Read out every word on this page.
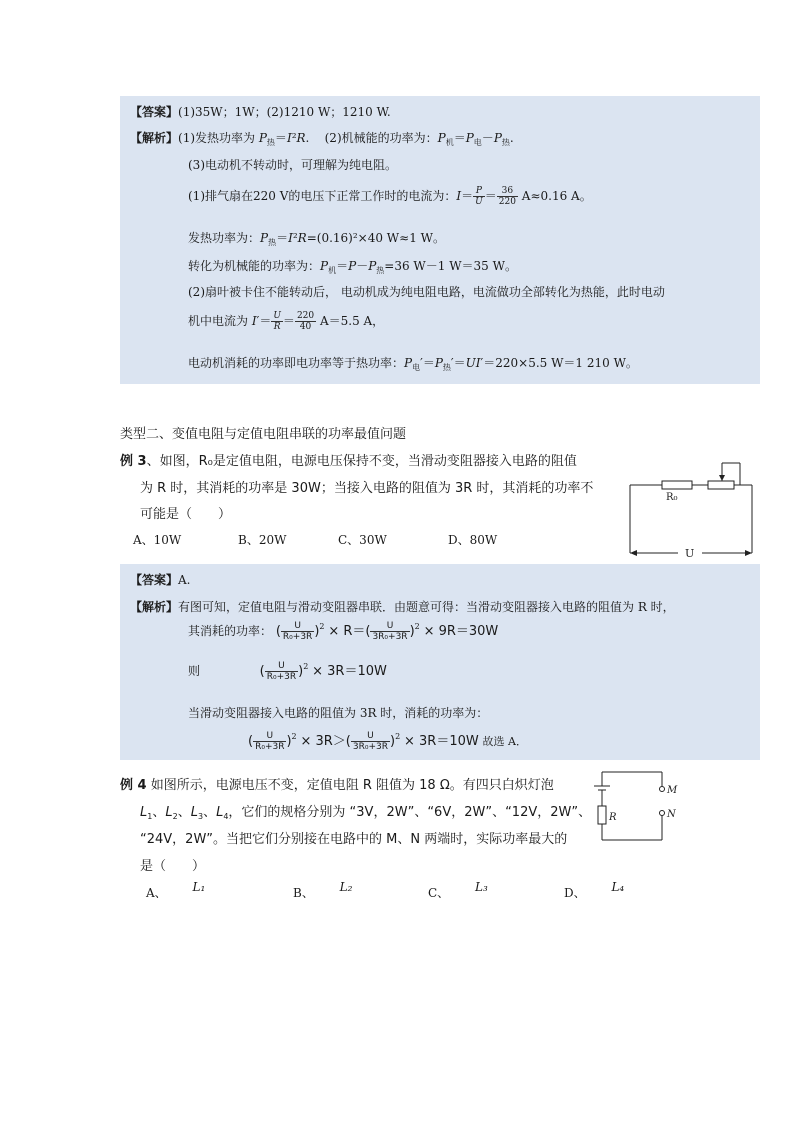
【答案】(1)35W；1W；(2)1210 W；1210 W.
【解析】(1)发热功率为 $P_热=I^2R$.    (2)机械能的功率为：$P_机=P_电-P_热$.
(3)电动机不转动时，可理解为纯电阻。
(1)排气扇在220 V的电压下正常工作时的电流为：$I= \frac{P}{U} = \frac{36}{220} A\approx 0.16$ A。
发热功率为：$P_热=I^2R=(0.16)^2\times 40$ W≈1 W。
转化为机械能的功率为：$P_机=P-P_热=36$ W－1 W＝35 W。
(2)扇叶被卡住不能转动后， 电动机成为纯电阻电路，电流做功全部转化为热能，此时电动
机中电流为 $I'= \frac{U}{R} = \frac{220}{40} A=5.5$ A，
电动机消耗的功率即电功率等于热功率：$P_电'=P_热'=UI'=220\times 5.5$ W＝1 210 W。
类型二、变值电阻与定值电阻串联的功率最值问题
例 3、如图，R₀是定值电阻，电源电压保持不变，当滑动变阻器接入电路的阻值
为 R 时，其消耗的功率是 30W；当接入电路的阻值为 3R 时，其消耗的功率不
可能是（　　）
A、10W	B、20W	C、30W	D、80W
R₀
U
【答案】A.
【解析】有图可知，定值电阻与滑动变阻器串联．由题意可得：当滑动变阻器接入电路的阻值为 R 时，
其消耗的功率： ( $\frac{U}{\text{R₀+3R}} )^2 \times R=( \frac{U}{\text{3R₀+3R}} )^2 \times 9R=30W$
则	( $\frac{U}{\text{R₀+3R}} )^2 \times 3R=10W$
当滑动变阻器接入电路的阻值为 3R 时，消耗的功率为：
( $\frac{U}{\text{R₀+3R}} )^2 \times 3R>( \frac{U}{\text{3R₀+3R}} )^2 \times 3R=10W$ 故选 A．
例 4 如图所示，电源电压不变，定值电阻 R 阻值为 18 Ω。有四只白炽灯泡
$L_1$、$L_2$、$L_3$、$L_4$，它们的规格分别为 “3V，2W”、“6V，2W”、“12V，2W”、
“24V，2W”。当把它们分别接在电路中的 M、N 两端时，实际功率最大的
是（　　）
A、 L₁	B、 L₂	C、 L₃	D、 L₄
R
M
N
